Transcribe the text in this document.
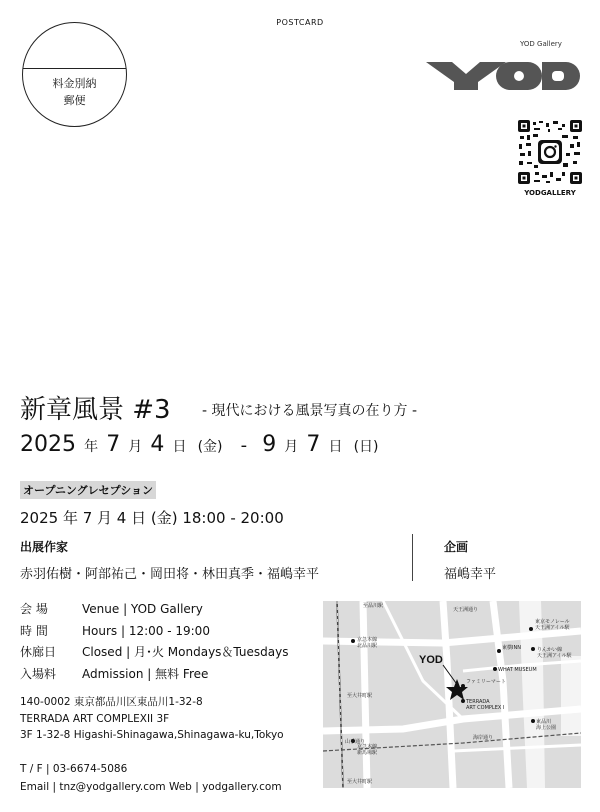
料金別納
郵便
POSTCARD
YOD Gallery
YODGALLERY
新章風景 #3 - 現代における風景写真の在り方 -
2025 年 7 月 4 日 (金) - 9 月 7 日 (日)
オープニングレセプション
2025 年 7 月 4 日 (金) 18:00 - 20:00
出展作家
赤羽佑樹・阿部祐己・岡田将・林田真季・福嶋幸平
企画
福嶋幸平
会 場	Venue | YOD Gallery
時 間	Hours | 12:00 - 19:00
休廊日 Closed | 月･火 Mondays＆Tuesdays
入場料 Admission | 無料 Free
140-0002 東京都品川区東品川1-32-8
TERRADA ART COMPLEXII 3F
3F 1-32-8 Higashi-Shinagawa,Shinagawa-ku,Tokyo
T / F | 03-6674-5086
Email | tnz@yodgallery.com Web | yodgallery.com
YOD
至品川駅
京急本線北品川駅
至大井町駅
山手通り
京急本線
新馬場駅
東京モノレール天王洲アイル駅
りんかい線天王洲アイル駅
東横INN
WHAT MUSEUM
ファミリーマート
TERRADA ART COMPLEX I
東品川海上公園
至大井町駅
天王洲通り
海岸通り
